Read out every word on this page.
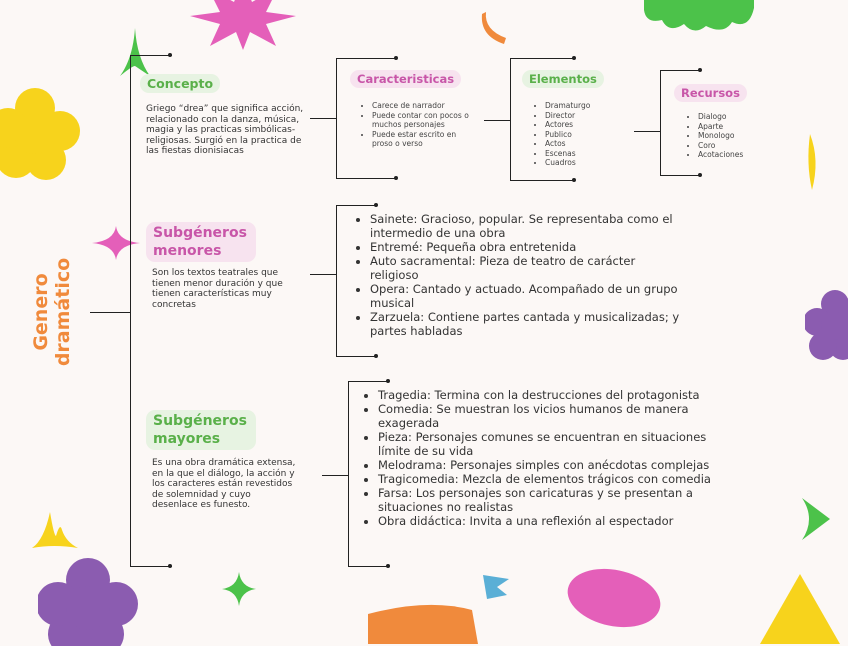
Genero dramático
Concepto
Griego “drea” que significa acción, relacionado con la danza, música, magia y las practicas simbólicas-religiosas. Surgió en la practica de las fiestas dionisiacas
Caracteristicas
• Carece de narrador
• Puede contar con pocos o muchos personajes
• Puede estar escrito en proso o verso
Elementos
• Dramaturgo
• Director
• Actores
• Publico
• Actos
• Escenas
• Cuadros
Recursos
• Dialogo
• Aparte
• Monologo
• Coro
• Acotaciones
Subgéneros menores
Son los textos teatrales que tienen menor duración y que tienen características muy concretas
• Sainete: Gracioso, popular. Se representaba como el intermedio de una obra
• Entremé: Pequeña obra entretenida
• Auto sacramental: Pieza de teatro de carácter religioso
• Opera: Cantado y actuado. Acompañado de un grupo musical
• Zarzuela: Contiene partes cantada y musicalizadas; y partes habladas
Subgéneros mayores
Es una obra dramática extensa, en la que el diálogo, la acción y los caracteres están revestidos de solemnidad y cuyo desenlace es funesto.
• Tragedia: Termina con la destrucciones del protagonista
• Comedia: Se muestran los vicios humanos de manera exagerada
• Pieza: Personajes comunes se encuentran en situaciones límite de su vida
• Melodrama: Personajes simples con anécdotas complejas
• Tragicomedia: Mezcla de elementos trágicos con comedia
• Farsa: Los personajes son caricaturas y se presentan a situaciones no realistas
• Obra didáctica: Invita a una reflexión al espectador
